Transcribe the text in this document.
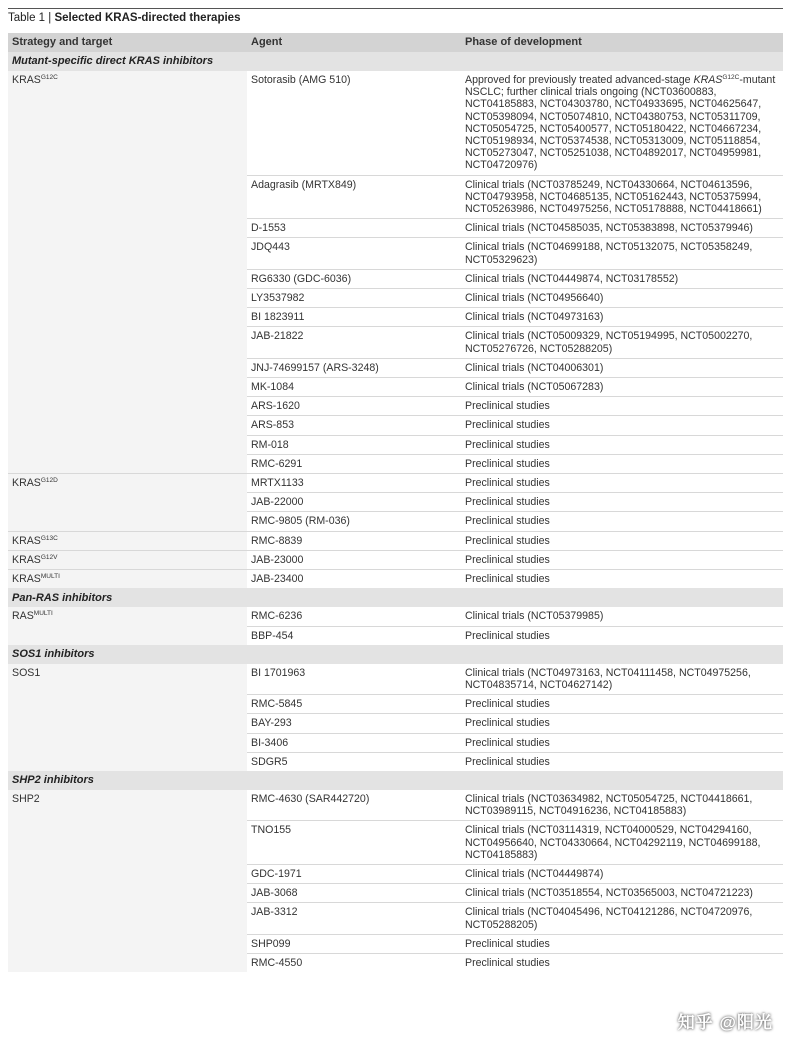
Table 1 | Selected KRAS-directed therapies
Strategy and target	Agent	Phase of development
Mutant-specific direct KRAS inhibitors		
$KRAS^{G12C}$	Sotorasib (AMG 510)	Approved for previously treated advanced-stage $KRAS^{G12C}$-mutant NSCLC; further clinical trials ongoing (NCT03600883, NCT04185883, NCT04303780, NCT04933695, NCT04625647, NCT05398094, NCT05074810, NCT04380753, NCT05311709, NCT05054725, NCT05400577, NCT05180422, NCT04667234, NCT05198934, NCT05374538, NCT05313009, NCT05118854, NCT05273047, NCT05251038, NCT04892017, NCT04959981, NCT04720976)
	Adagrasib (MRTX849)	Clinical trials (NCT03785249, NCT04330664, NCT04613596, NCT04793958, NCT04685135, NCT05162443, NCT05375994, NCT05263986, NCT04975256, NCT05178888, NCT04418661)
	D-1553	Clinical trials (NCT04585035, NCT05383898, NCT05379946)
	JDQ443	Clinical trials (NCT04699188, NCT05132075, NCT05358249, NCT05329623)
	RG6330 (GDC-6036)	Clinical trials (NCT04449874, NCT03178552)
	LY3537982	Clinical trials (NCT04956640)
	BI 1823911	Clinical trials (NCT04973163)
	JAB-21822	Clinical trials (NCT05009329, NCT05194995, NCT05002270, NCT05276726, NCT05288205)
	JNJ-74699157 (ARS-3248)	Clinical trials (NCT04006301)
	MK-1084	Clinical trials (NCT05067283)
	ARS-1620	Preclinical studies
	ARS-853	Preclinical studies
	RM-018	Preclinical studies
	RMC-6291	Preclinical studies
$KRAS^{G12D}$	MRTX1133	Preclinical studies
	JAB-22000	Preclinical studies
	RMC-9805 (RM-036)	Preclinical studies
$KRAS^{G13C}$	RMC-8839	Preclinical studies
$KRAS^{G12V}$	JAB-23000	Preclinical studies
$KRAS^{MULTI}$	JAB-23400	Preclinical studies
Pan-RAS inhibitors		
$RAS^{MULTI}$	RMC-6236	Clinical trials (NCT05379985)
	BBP-454	Preclinical studies
SOS1 inhibitors		
SOS1	BI 1701963	Clinical trials (NCT04973163, NCT04111458, NCT04975256, NCT04835714, NCT04627142)
	RMC-5845	Preclinical studies
	BAY-293	Preclinical studies
	BI-3406	Preclinical studies
	SDGR5	Preclinical studies
SHP2 inhibitors		
SHP2	RMC-4630 (SAR442720)	Clinical trials (NCT03634982, NCT05054725, NCT04418661, NCT03989115, NCT04916236, NCT04185883)
	TNO155	Clinical trials (NCT03114319, NCT04000529, NCT04294160, NCT04956640, NCT04330664, NCT04292119, NCT04699188, NCT04185883)
	GDC-1971	Clinical trials (NCT04449874)
	JAB-3068	Clinical trials (NCT03518554, NCT03565003, NCT04721223)
	JAB-3312	Clinical trials (NCT04045496, NCT04121286, NCT04720976, NCT05288205)
	SHP099	Preclinical studies
	RMC-4550	Preclinical studies
知乎 @阳光
